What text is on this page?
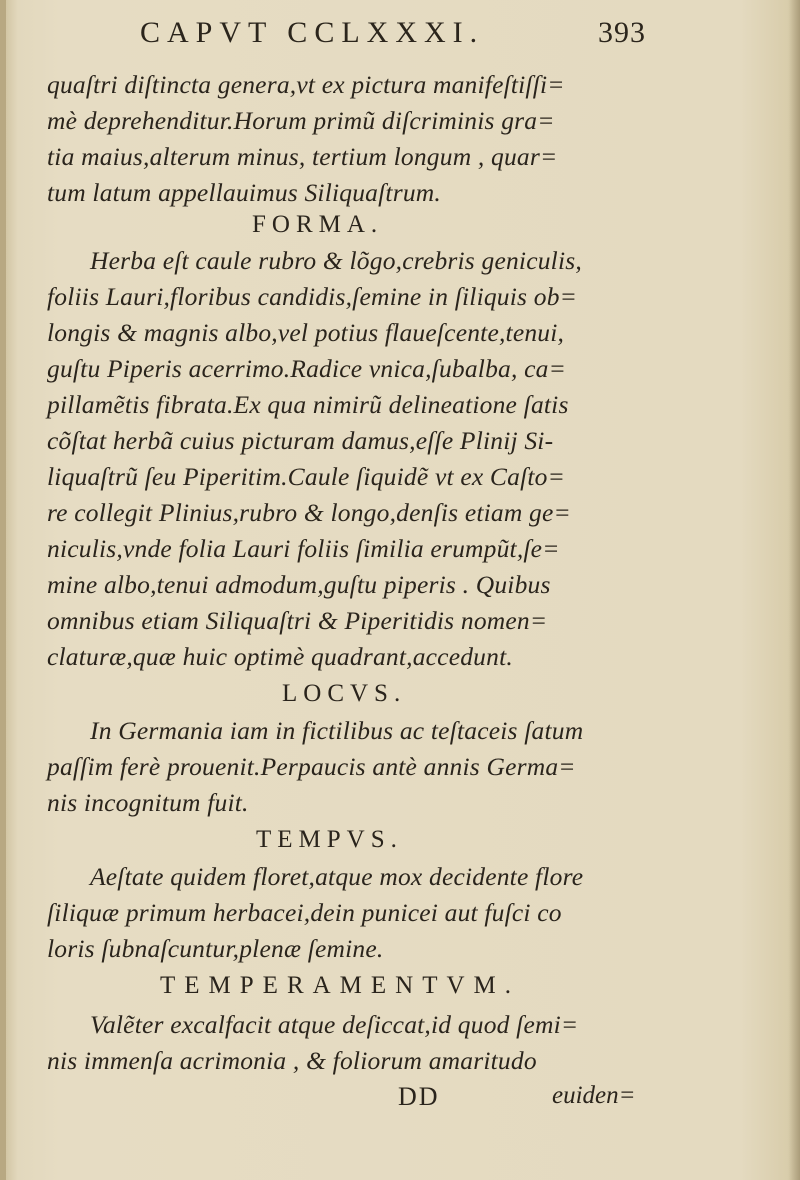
CAPVT CCLXXXI.	393
quaſtri diſtincta genera,vt ex pictura manifeſtiſſi=
mè deprehenditur.Horum primũ diſcriminis gra=
tia maius,alterum minus, tertium longum , quar=
tum latum appellauimus Siliquaſtrum.
FORMA.
Herba eſt caule rubro & lõgo,crebris geniculis,
foliis Lauri,floribus candidis,ſemine in ſiliquis ob=
longis & magnis albo,vel potius flaueſcente,tenui,
guſtu Piperis acerrimo.Radice vnica,ſubalba, ca=
pillamẽtis fibrata.Ex qua nimirũ delineatione ſatis
cõſtat herbã cuius picturam damus,eſſe Plinij Si-
liquaſtrũ ſeu Piperitim.Caule ſiquidẽ vt ex Caſto=
re collegit Plinius,rubro & longo,denſis etiam ge=
niculis,vnde folia Lauri foliis ſimilia erumpũt,ſe=
mine albo,tenui admodum,guſtu piperis . Quibus
omnibus etiam Siliquaſtri & Piperitidis nomen=
claturæ,quæ huic optimè quadrant,accedunt.
LOCVS.
In Germania iam in fictilibus ac teſtaceis ſatum
paſſim ferè prouenit.Perpaucis antè annis Germa=
nis incognitum fuit.
TEMPVS.
Aeſtate quidem floret,atque mox decidente flore
ſiliquæ primum herbacei,dein punicei aut fuſci co
loris ſubnaſcuntur,plenæ ſemine.
TEMPERAMENTVM.
Valẽter excalfacit atque deſiccat,id quod ſemi=
nis immenſa acrimonia , & foliorum amaritudo
DD	euiden=
